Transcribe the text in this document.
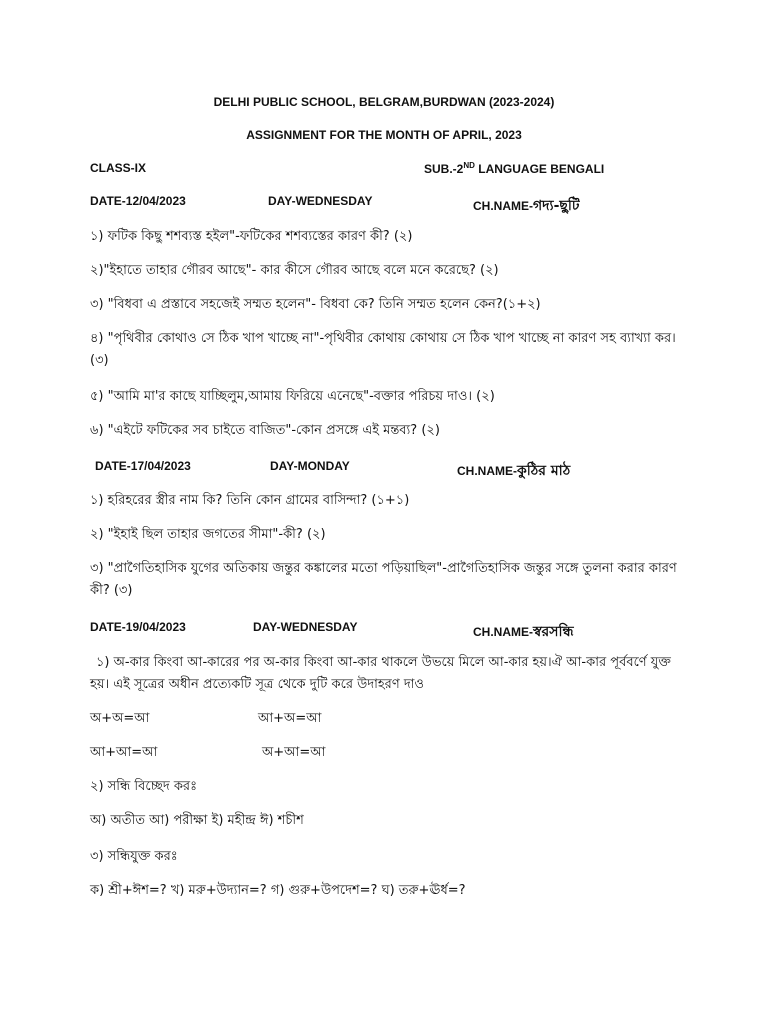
DELHI PUBLIC SCHOOL, BELGRAM,BURDWAN (2023-2024)
ASSIGNMENT FOR THE MONTH OF APRIL, 2023
CLASS-IX	SUB.-2ND LANGUAGE BENGALI
DATE-12/04/2023	DAY-WEDNESDAY	CH.NAME-গদ্য-ছুটি
১) ফটিক কিছু শশব্যস্ত হইল"-ফটিকের শশব্যস্তের কারণ কী? (২)
২)"ইহাতে তাহার গৌরব আছে"- কার কীসে গৌরব আছে বলে মনে করেছে? (২)
৩) "বিধবা এ প্রস্তাবে সহজেই সম্মত হলেন"- বিধবা কে? তিনি সম্মত হলেন কেন?(১+২)
৪) "পৃথিবীর কোথাও সে ঠিক খাপ খাচ্ছে না"-পৃথিবীর কোথায় কোথায় সে ঠিক খাপ খাচ্ছে না কারণ সহ ব্যাখ্যা কর।(৩)
৫) "আমি মা'র কাছে যাচ্ছিলুম,আমায় ফিরিয়ে এনেছে"-বক্তার পরিচয় দাও। (২)
৬) "এইটে ফটিকের সব চাইতে বাজিত"-কোন প্রসঙ্গে এই মন্তব্য? (২)
DATE-17/04/2023	DAY-MONDAY	CH.NAME-কুঠির মাঠ
১) হরিহরের স্ত্রীর নাম কি? তিনি কোন গ্রামের বাসিন্দা? (১+১)
২) "ইহাই ছিল তাহার জগতের সীমা"-কী? (২)
৩) "প্রাগৈতিহাসিক যুগের অতিকায় জন্তুর কঙ্কালের মতো পড়িয়াছিল"-প্রাগৈতিহাসিক জন্তুর সঙ্গে তুলনা করার কারণ কী? (৩)
DATE-19/04/2023	DAY-WEDNESDAY	CH.NAME-স্বরসন্ধি
১) অ-কার কিংবা আ-কারের পর অ-কার কিংবা আ-কার থাকলে উভয়ে মিলে আ-কার হয়।ঐ আ-কার পূর্ববর্ণে যুক্ত হয়। এই সূত্রের অধীন প্রত্যেকটি সূত্র থেকে দুটি করে উদাহরণ দাও
অ+অ=আ	আ+অ=আ
আ+আ=আ	অ+আ=আ
২) সন্ধি বিচ্ছেদ করঃ
অ) অতীত আ) পরীক্ষা ই) মহীন্দ্র ঈ) শচীশ
৩) সন্ধিযুক্ত করঃ
ক) শ্রী+ঈশ=? খ) মরু+উদ্যান=? গ) গুরু+উপদেশ=? ঘ) তরু+ঊর্ধ=?
